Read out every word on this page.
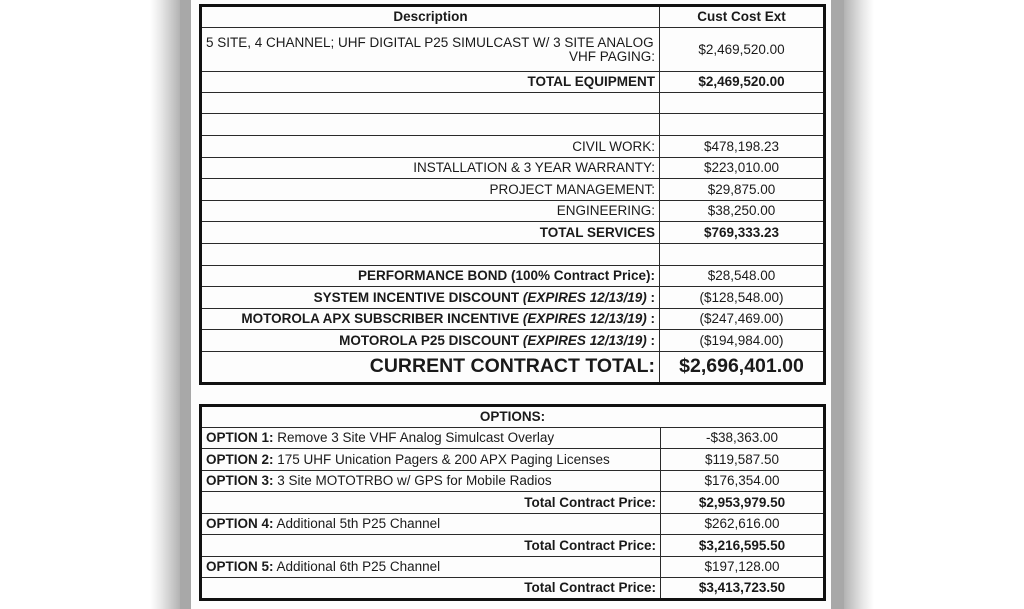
Description	Cust Cost Ext

5 SITE, 4 CHANNEL; UHF DIGITAL P25 SIMULCAST W/ 3 SITE ANALOG
VHF PAGING:	$2,469,520.00
TOTAL EQUIPMENT	$2,469,520.00

CIVIL WORK:	$478,198.23
INSTALLATION & 3 YEAR WARRANTY:	$223,010.00
PROJECT MANAGEMENT:	$29,875.00
ENGINEERING:	$38,250.00
TOTAL SERVICES	$769,333.23

PERFORMANCE BOND (100% Contract Price):	$28,548.00
SYSTEM INCENTIVE DISCOUNT (EXPIRES 12/13/19) :	($128,548.00)
MOTOROLA APX SUBSCRIBER INCENTIVE (EXPIRES 12/13/19) :	($247,469.00)
MOTOROLA P25 DISCOUNT (EXPIRES 12/13/19) :	($194,984.00)
CURRENT CONTRACT TOTAL:	$2,696,401.00
OPTIONS:	
OPTION 1: Remove 3 Site VHF Analog Simulcast Overlay	-$38,363.00
OPTION 2: 175 UHF Unication Pagers & 200 APX Paging Licenses	$119,587.50
OPTION 3: 3 Site MOTOTRBO w/ GPS for Mobile Radios	$176,354.00
Total Contract Price:	$2,953,979.50
OPTION 4: Additional 5th P25 Channel	$262,616.00
Total Contract Price:	$3,216,595.50
OPTION 5: Additional 6th P25 Channel	$197,128.00
Total Contract Price:	$3,413,723.50
